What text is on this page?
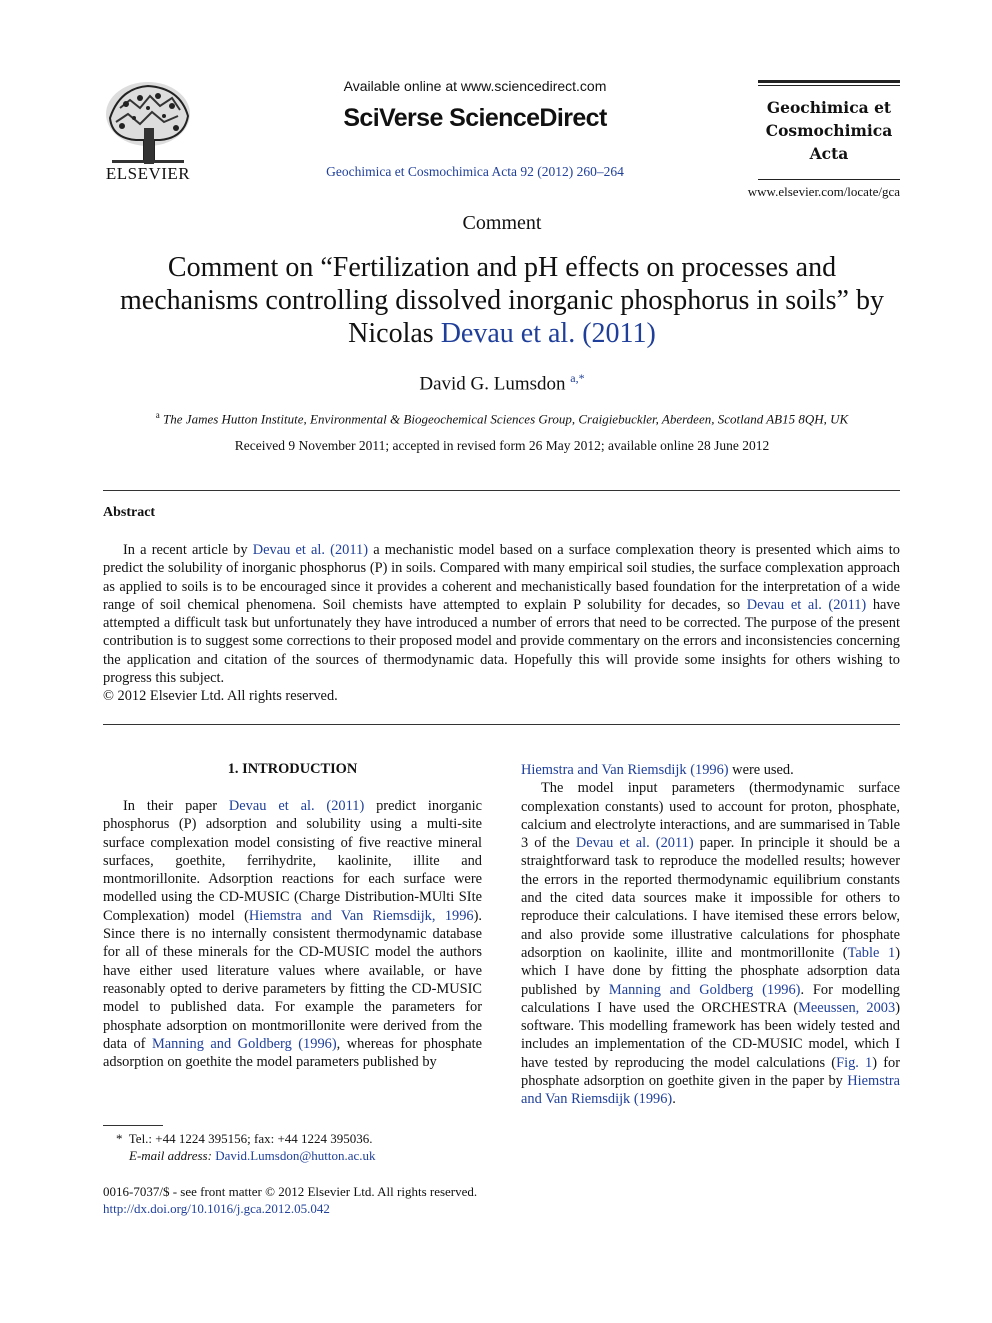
ELSEVIER
Available online at www.sciencedirect.com
SciVerse ScienceDirect
Geochimica et Cosmochimica Acta 92 (2012) 260–264
Geochimica et
Cosmochimica
Acta
www.elsevier.com/locate/gca
Comment
Comment on “Fertilization and pH effects on processes and mechanisms controlling dissolved inorganic phosphorus in soils” by Nicolas Devau et al. (2011)
David G. Lumsdon $^{a,*}$
$^a$ The James Hutton Institute, Environmental & Biogeochemical Sciences Group, Craigiebuckler, Aberdeen, Scotland AB15 8QH, UK
Received 9 November 2011; accepted in revised form 26 May 2012; available online 28 June 2012
Abstract
In a recent article by Devau et al. (2011) a mechanistic model based on a surface complexation theory is presented which aims to predict the solubility of inorganic phosphorus (P) in soils. Compared with many empirical soil studies, the surface complexation approach as applied to soils is to be encouraged since it provides a coherent and mechanistically based foundation for the interpretation of a wide range of soil chemical phenomena. Soil chemists have attempted to explain P solubility for decades, so Devau et al. (2011) have attempted a difficult task but unfortunately they have introduced a number of errors that need to be corrected. The purpose of the present contribution is to suggest some corrections to their proposed model and provide commentary on the errors and inconsistencies concerning the application and citation of the sources of thermodynamic data. Hopefully this will provide some insights for others wishing to progress this subject.
© 2012 Elsevier Ltd. All rights reserved.
1. INTRODUCTION

In their paper Devau et al. (2011) predict inorganic phosphorus (P) adsorption and solubility using a multi-site surface complexation model consisting of five reactive mineral surfaces, goethite, ferrihydrite, kaolinite, illite and montmorillonite. Adsorption reactions for each surface were modelled using the CD-MUSIC (Charge Distribution-MUlti SIte Complexation) model (Hiemstra and Van Riemsdijk, 1996). Since there is no internally consistent thermodynamic database for all of these minerals for the CD-MUSIC model the authors have either used literature values where available, or have reasonably opted to derive parameters by fitting the CD-MUSIC model to published data. For example the parameters for phosphate adsorption on montmorillonite were derived from the data of Manning and Goldberg (1996), whereas for phosphate adsorption on goethite the model parameters published by

Hiemstra and Van Riemsdijk (1996) were used.

The model input parameters (thermodynamic surface complexation constants) used to account for proton, phosphate, calcium and electrolyte interactions, and are summarised in Table 3 of the Devau et al. (2011) paper. In principle it should be a straightforward task to reproduce the modelled results; however the errors in the reported thermodynamic equilibrium constants and the cited data sources make it impossible for others to reproduce their calculations. I have itemised these errors below, and also provide some illustrative calculations for phosphate adsorption on kaolinite, illite and montmorillonite (Table 1) which I have done by fitting the phosphate adsorption data published by Manning and Goldberg (1996). For modelling calculations I have used the ORCHESTRA (Meeussen, 2003) software. This modelling framework has been widely tested and includes an implementation of the CD-MUSIC model, which I have tested by reproducing the model calculations (Fig. 1) for phosphate adsorption on goethite given in the paper by Hiemstra and Van Riemsdijk (1996).

* Tel.: +44 1224 395156; fax: +44 1224 395036.
E-mail address: David.Lumsdon@hutton.ac.uk
0016-7037/$ - see front matter © 2012 Elsevier Ltd. All rights reserved.
http://dx.doi.org/10.1016/j.gca.2012.05.042
